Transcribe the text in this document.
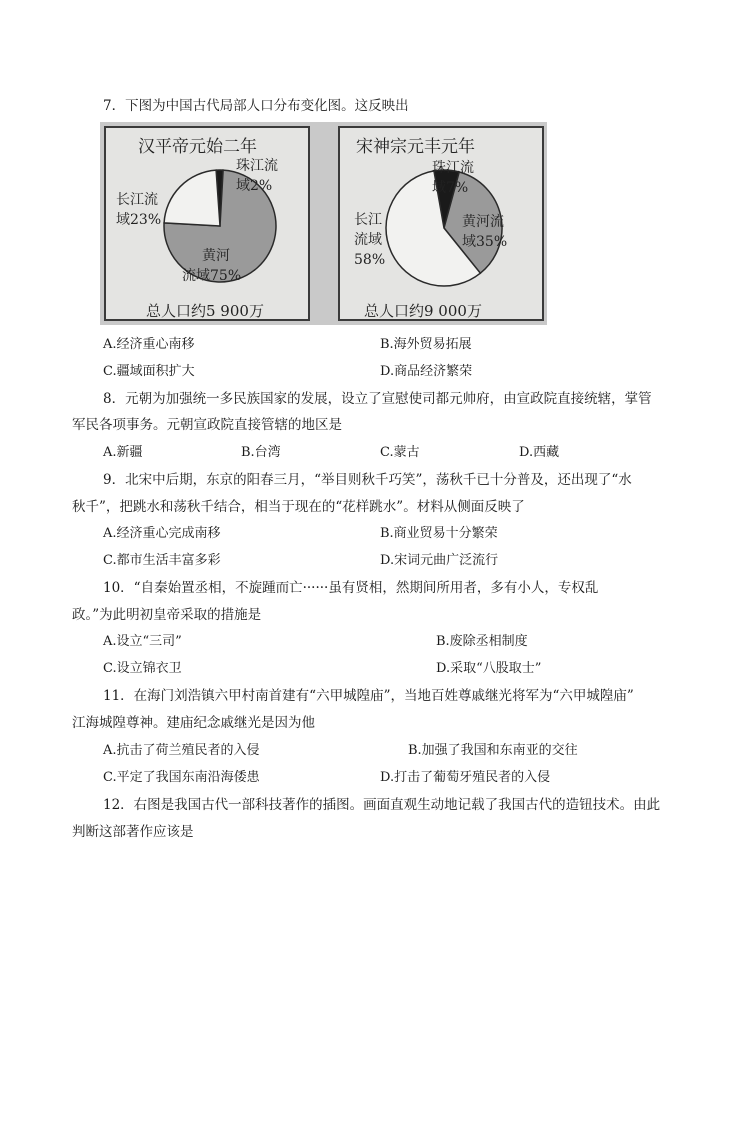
7．下图为中国古代局部人口分布变化图。这反映出
汉平帝元始二年
珠江流
域2%
长江流
域23%
黄河
流域75%
总人口约5 900万
宋神宗元丰元年
珠江流
域7%
长江
流域
58%
黄河流
域35%
总人口约9 000万
A.经济重心南移	B.海外贸易拓展
C.疆域面积扩大	D.商品经济繁荣
8．元朝为加强统一多民族国家的发展，设立了宣慰使司都元帅府，由宣政院直接统辖，掌管
军民各项事务。元朝宣政院直接管辖的地区是
A.新疆	B.台湾	C.蒙古	D.西藏
9．北宋中后期，东京的阳春三月，“举目则秋千巧笑”，荡秋千已十分普及，还出现了“水
秋千”，把跳水和荡秋千结合，相当于现在的“花样跳水”。材料从侧面反映了
A.经济重心完成南移	B.商业贸易十分繁荣
C.都市生活丰富多彩	D.宋词元曲广泛流行
10．“自秦始置丞相，不旋踵而亡······虽有贤相，然期间所用者，多有小人，专权乱
政。”为此明初皇帝采取的措施是
A.设立“三司”	B.废除丞相制度
C.设立锦衣卫	D.采取“八股取士”
11．在海门刘浩镇六甲村南首建有“六甲城隍庙”，当地百姓尊戚继光将军为“六甲城隍庙”
江海城隍尊神。建庙纪念戚继光是因为他
A.抗击了荷兰殖民者的入侵	B.加强了我国和东南亚的交往
C.平定了我国东南沿海倭患	D.打击了葡萄牙殖民者的入侵
12．右图是我国古代一部科技著作的插图。画面直观生动地记载了我国古代的造钮技术。由此
判断这部著作应该是
